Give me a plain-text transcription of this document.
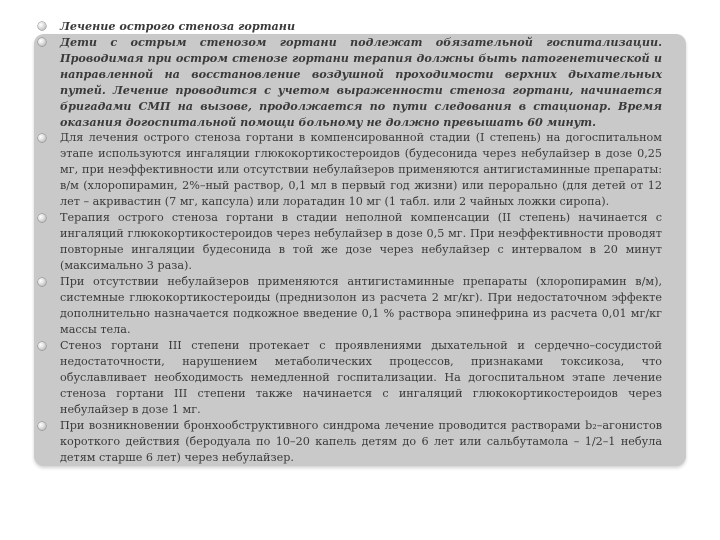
Лечение острого стеноза гортани
Дети с острым стенозом гортани подлежат обязательной госпитализации. Проводимая при остром стенозе гортани терапия должны быть патогенетической и направленной на восстановление воздушной проходимости верхних дыхательных путей. Лечение проводится с учетом выраженности стеноза гортани, начинается бригадами СМП на вызове, продолжается по пути следования в стационар. Время оказания догоспитальной помощи больному не должно превышать 60 минут.
Для лечения острого стеноза гортани в компенсированной стадии (I степень) на догоспитальном этапе используются ингаляции глюкокортикостероидов (будесонида через небулайзер в дозе 0,25 мг, при неэффективности или отсутствии небулайзеров применяются антигистаминные препараты: в/м (хлоропирамин, 2%–ный раствор, 0,1 мл в первый год жизни) или перорально (для детей от 12 лет – акривастин (7 мг, капсула) или лоратадин 10 мг (1 табл. или 2 чайных ложки сиропа).
Терапия острого стеноза гортани в стадии неполной компенсации (II степень) начинается с ингаляций глюкокортикостероидов через небулайзер в дозе 0,5 мг. При неэффективности проводят повторные ингаляции будесонида в той же дозе через небулайзер с интервалом в 20 минут (максимально 3 раза).
При отсутствии небулайзеров применяются антигистаминные препараты (хлоропирамин в/м), системные глюкокортикостероиды (преднизолон из расчета 2 мг/кг). При недостаточном эффекте дополнительно назначается подкожное введение 0,1 % раствора эпинефрина из расчета 0,01 мг/кг массы тела.
Стеноз гортани III степени протекает с проявлениями дыхательной и сердечно–сосудистой недостаточности, нарушением метаболических процессов, признаками токсикоза, что обуславливает необходимость немедленной госпитализации. На догоспитальном этапе лечение стеноза гортани III степени также начинается с ингаляций глюкокортикостероидов через небулайзер в дозе 1 мг.
При возникновении бронхообструктивного синдрома лечение проводится растворами b₂–агонистов короткого действия (беродуала по 10–20 капель детям до 6 лет или сальбутамола – 1/2–1 небула детям старше 6 лет) через небулайзер.
